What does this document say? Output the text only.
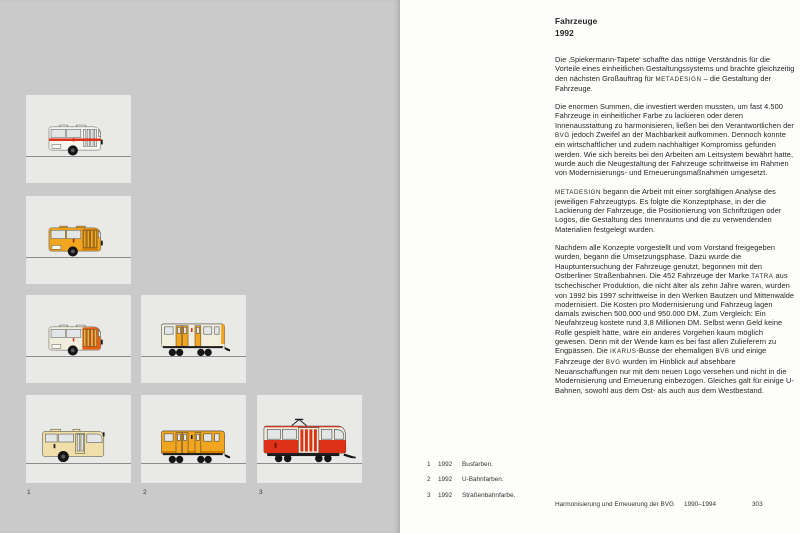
1	2	3
Fahrzeuge
1992

Die ‚Spiekermann-Tapete‘ schaffte das nötige Verständnis für die Vorteile eines einheitlichen Gestaltungssystems und brachte gleichzeitig den nächsten Großauftrag für METADESIGN – die Gestaltung der Fahrzeuge.

Die enormen Summen, die investiert werden mussten, um fast 4.500 Fahrzeuge in einheitlicher Farbe zu lackieren oder deren Innenausstattung zu harmonisieren, ließen bei den Verantwortlichen der BVG jedoch Zweifel an der Machbarkeit aufkommen. Dennoch konnte ein wirtschaftlicher und zudem nachhaltiger Kompromiss gefunden werden. Wie sich bereits bei den Arbeiten am Leitsystem bewährt hatte, wurde auch die Neugestaltung der Fahrzeuge schrittweise im Rahmen von Modernisierungs- und Erneuerungsmaßnahmen umgesetzt.

METADESIGN begann die Arbeit mit einer sorgfältigen Analyse des jeweiligen Fahrzeugtyps. Es folgte die Konzeptphase, in der die Lackierung der Fahrzeuge, die Positionierung von Schriftzügen oder Logos, die Gestaltung des Innenraums und die zu verwendenden Materialien festgelegt wurden.

Nachdem alle Konzepte vorgestellt und vom Vorstand freigegeben wurden, begann die Umsetzungsphase. Dazu wurde die Hauptuntersuchung der Fahrzeuge genutzt, begonnen mit den Ostberliner Straßenbahnen. Die 452 Fahrzeuge der Marke TATRA aus tschechischer Produktion, die nicht älter als zehn Jahre waren, wurden von 1992 bis 1997 schrittweise in den Werken Bautzen und Mittenwalde modernisiert. Die Kosten pro Modernisierung und Fahrzeug lagen damals zwischen 500.000 und 950.000 DM. Zum Vergleich: Ein Neufahrzeug kostete rund 3,8 Millionen DM. Selbst wenn Geld keine Rolle gespielt hätte, wäre ein anderes Vorgehen kaum möglich gewesen. Denn mit der Wende kam es bei fast allen Zulieferern zu Engpässen. Die IKARUS-Busse der ehemaligen BVB und einige Fahrzeuge der BVG wurden im Hinblick auf absehbare Neuanschaffungen nur mit dem neuen Logo versehen und nicht in die Modernisierung und Erneuerung einbezogen. Gleiches galt für einige U-Bahnen, sowohl aus dem Ost- als auch aus dem Westbestand.

1 1992 Busfarben.
2 1992 U-Bahnfarben.
3 1992 Straßenbahnfarbe.
Harmonisierung und Erneuerung der BVG 1990–1994	303
